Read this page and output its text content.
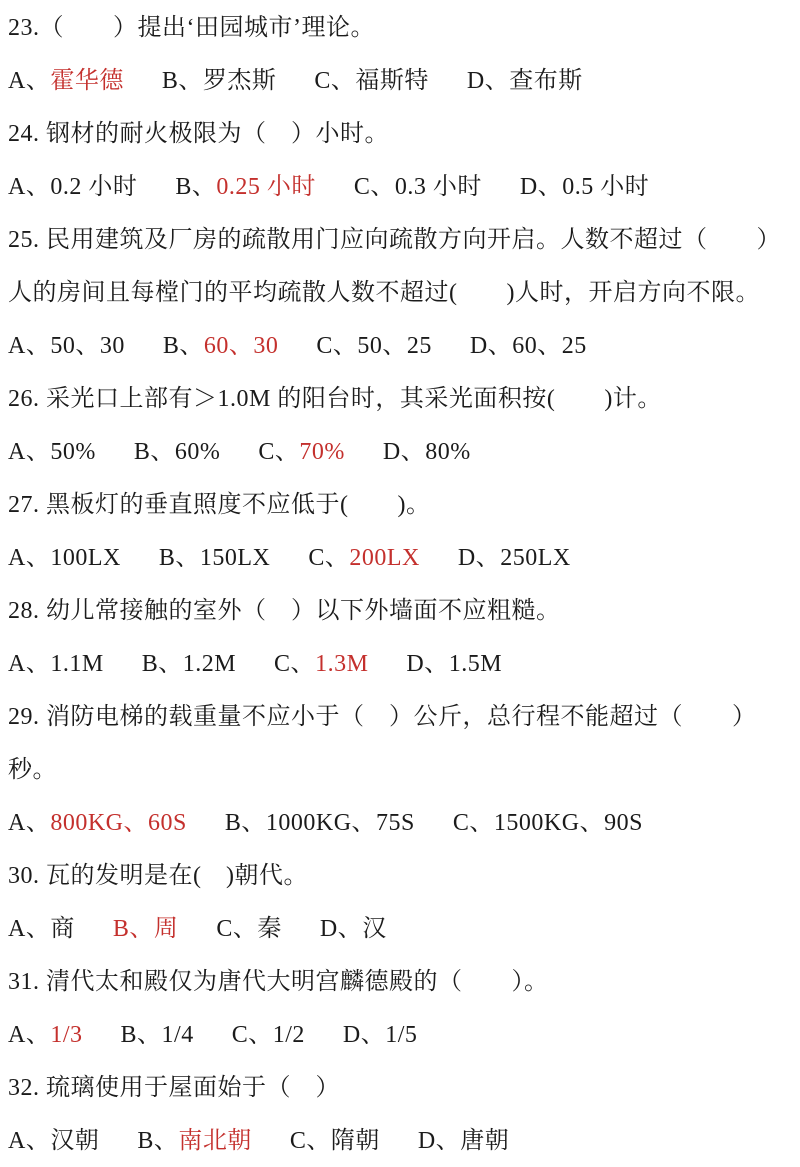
23.（　　）提出‘田园城市’理论。
A、霍华德 B、罗杰斯 C、福斯特 D、查布斯
24. 钢材的耐火极限为（　）小时。
A、0.2 小时 B、0.25 小时 C、0.3 小时 D、0.5 小时
25. 民用建筑及厂房的疏散用门应向疏散方向开启。人数不超过（　　）
人的房间且每樘门的平均疏散人数不超过(　　)人时，开启方向不限。
A、50、30 B、60、30 C、50、25 D、60、25
26. 采光口上部有＞1.0M 的阳台时，其采光面积按(　　)计。
A、50% B、60% C、70% D、80%
27. 黑板灯的垂直照度不应低于(　　)。
A、100LX B、150LX C、200LX D、250LX
28. 幼儿常接触的室外（　）以下外墙面不应粗糙。
A、1.1M B、1.2M C、1.3M D、1.5M
29. 消防电梯的载重量不应小于（　）公斤，总行程不能超过（　　）
秒。
A、800KG、60S B、1000KG、75S C、1500KG、90S
30. 瓦的发明是在(　)朝代。
A、商 B、周 C、秦 D、汉
31. 清代太和殿仅为唐代大明宫麟德殿的（　　）。
A、1/3 B、1/4 C、1/2 D、1/5
32. 琉璃使用于屋面始于（　）
A、汉朝 B、南北朝 C、隋朝 D、唐朝
